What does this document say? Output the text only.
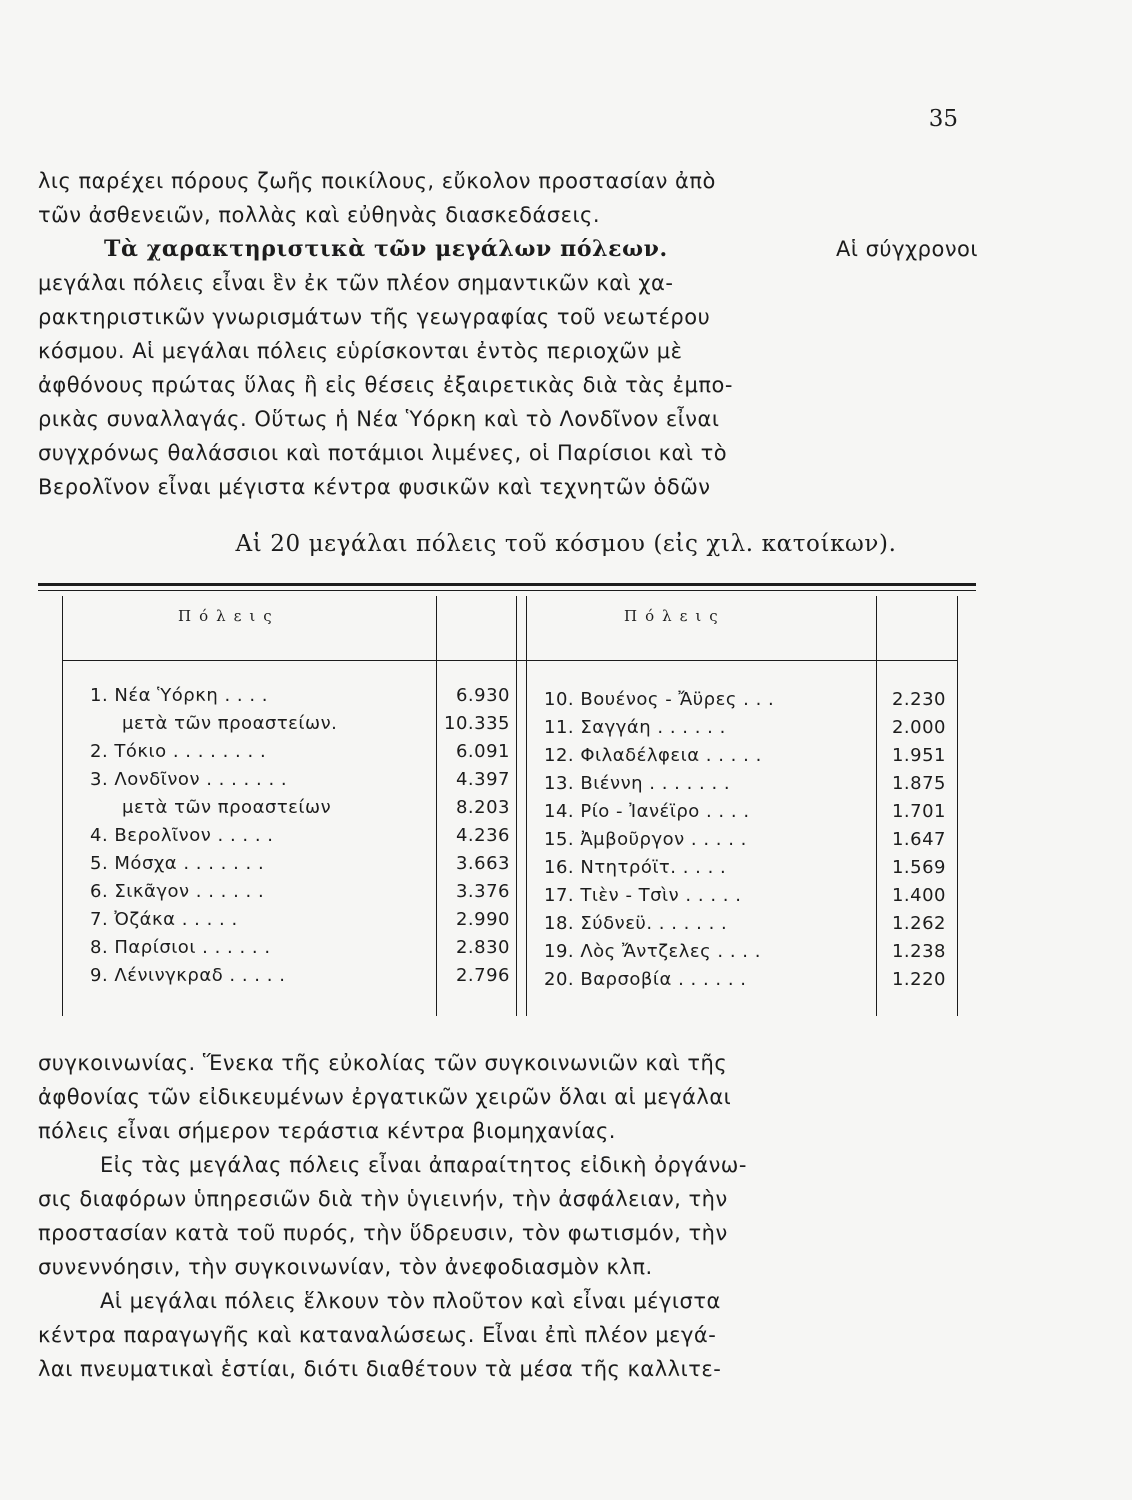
35
λις παρέχει πόρους ζωῆς ποικίλους, εὔκολον προστασίαν ἀπὸ
τῶν ἀσθενειῶν, πολλὰς καὶ εὐθηνὰς διασκεδάσεις.
Τὰ χαρακτηριστικὰ τῶν μεγάλων πόλεων.	Αἱ σύγχρονοι
μεγάλαι πόλεις εἶναι ἓν ἐκ τῶν πλέον σημαντικῶν καὶ χα-
ρακτηριστικῶν γνωρισμάτων τῆς γεωγραφίας τοῦ νεωτέρου
κόσμου. Αἱ μεγάλαι πόλεις εὑρίσκονται ἐντὸς περιοχῶν μὲ
ἀφθόνους πρώτας ὕλας ἢ εἰς θέσεις ἐξαιρετικὰς διὰ τὰς ἐμπο-
ρικὰς συναλλαγάς. Οὕτως ἡ Νέα Ὑόρκη καὶ τὸ Λονδῖνον εἶναι
συγχρόνως θαλάσσιοι καὶ ποτάμιοι λιμένες, οἱ Παρίσιοι καὶ τὸ
Βερολῖνον εἶναι μέγιστα κέντρα φυσικῶν καὶ τεχνητῶν ὁδῶν
Αἱ 20 μεγάλαι πόλεις τοῦ κόσμου (εἰς χιλ. κατοίκων).
Πόλεις	Πόλεις
1. Νέα Ὑόρκη . . . .	6.930
μετὰ τῶν προαστείων.	10.335
2. Τόκιο . . . . . . . .	6.091
3. Λονδῖνον . . . . . . .	4.397
μετὰ τῶν προαστείων	8.203
4. Βερολῖνον . . . . .	4.236
5. Μόσχα . . . . . . .	3.663
6. Σικᾶγον . . . . . .	3.376
7. Ὀζάκα . . . . .	2.990
8. Παρίσιοι . . . . . .	2.830
9. Λένινγκραδ . . . . .	2.796
10. Βουένος - Ἄϋρες . . .	2.230
11. Σαγγάη . . . . . .	2.000
12. Φιλαδέλφεια . . . . .	1.951
13. Βιέννη . . . . . . .	1.875
14. Ρίο - Ἰανέϊρο . . . .	1.701
15. Ἀμβοῦργον . . . . .	1.647
16. Ντητρόϊτ. . . . .	1.569
17. Τιὲν - Τσὶν . . . . .	1.400
18. Σύδνεϋ. . . . . . .	1.262
19. Λὸς Ἄντζελες . . . .	1.238
20. Βαρσοβία . . . . . .	1.220
συγκοινωνίας. Ἕνεκα τῆς εὐκολίας τῶν συγκοινωνιῶν καὶ τῆς
ἀφθονίας τῶν εἰδικευμένων ἐργατικῶν χειρῶν ὅλαι αἱ μεγάλαι
πόλεις εἶναι σήμερον τεράστια κέντρα βιομηχανίας.
Εἰς τὰς μεγάλας πόλεις εἶναι ἀπαραίτητος εἰδικὴ ὀργάνω-
σις διαφόρων ὑπηρεσιῶν διὰ τὴν ὑγιεινήν, τὴν ἀσφάλειαν, τὴν
προστασίαν κατὰ τοῦ πυρός, τὴν ὕδρευσιν, τὸν φωτισμόν, τὴν
συνεννόησιν, τὴν συγκοινωνίαν, τὸν ἀνεφοδιασμὸν κλπ.
Αἱ μεγάλαι πόλεις ἕλκουν τὸν πλοῦτον καὶ εἶναι μέγιστα
κέντρα παραγωγῆς καὶ καταναλώσεως. Εἶναι ἐπὶ πλέον μεγά-
λαι πνευματικαὶ ἑστίαι, διότι διαθέτουν τὰ μέσα τῆς καλλιτε-
